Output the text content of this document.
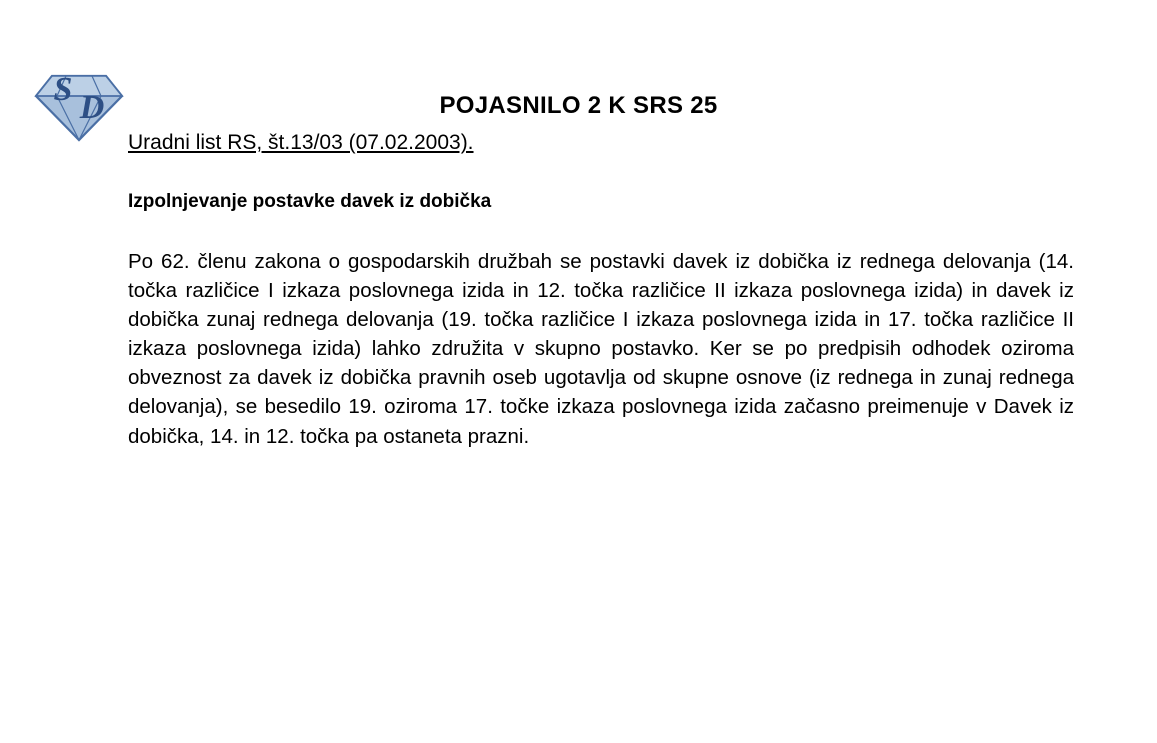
S D	POJASNILO 2 K SRS 25

Uradni list RS, št.13/03 (07.02.2003).

Izpolnjevanje postavke davek iz dobička

Po 62. členu zakona o gospodarskih družbah se postavki davek iz dobička iz rednega delovanja (14. točka različice I izkaza poslovnega izida in 12. točka različice II izkaza poslovnega izida) in davek iz dobička zunaj rednega delovanja (19. točka različice I izkaza poslovnega izida in 17. točka različice II izkaza poslovnega izida) lahko združita v skupno postavko. Ker se po predpisih odhodek oziroma obveznost za davek iz dobička pravnih oseb ugotavlja od skupne osnove (iz rednega in zunaj rednega delovanja), se besedilo 19. oziroma 17. točke izkaza poslovnega izida začasno preimenuje v Davek iz dobička, 14. in 12. točka pa ostaneta prazni.
